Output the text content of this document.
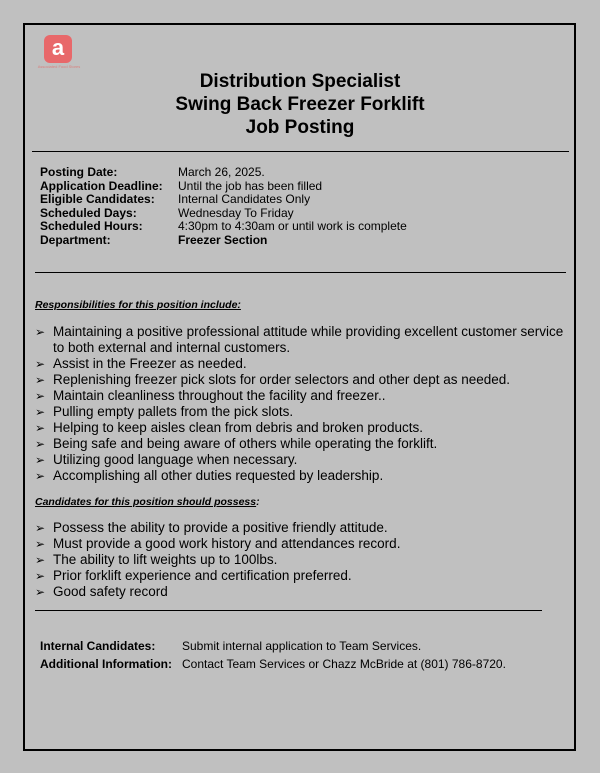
a
Associated Food Stores
Distribution Specialist
Swing Back Freezer Forklift
Job Posting
Posting Date:	March 26, 2025.
Application Deadline:	Until the job has been filled
Eligible Candidates:	Internal Candidates Only
Scheduled Days:	Wednesday To Friday
Scheduled Hours:	4:30pm to 4:30am or until work is complete
Department:	Freezer Section
Responsibilities for this position include:
➢ Maintaining a positive professional attitude while providing excellent customer service to both external and internal customers.
➢ Assist in the Freezer as needed.
➢ Replenishing freezer pick slots for order selectors and other dept as needed.
➢ Maintain cleanliness throughout the facility and freezer..
➢ Pulling empty pallets from the pick slots.
➢ Helping to keep aisles clean from debris and broken products.
➢ Being safe and being aware of others while operating the forklift.
➢ Utilizing good language when necessary.
➢ Accomplishing all other duties requested by leadership.
Candidates for this position should possess:
➢ Possess the ability to provide a positive friendly attitude.
➢ Must provide a good work history and attendances record.
➢ The ability to lift weights up to 100lbs.
➢ Prior forklift experience and certification preferred.
➢ Good safety record
Internal Candidates:	Submit internal application to Team Services.
Additional Information: Contact Team Services or Chazz McBride at (801) 786-8720.
